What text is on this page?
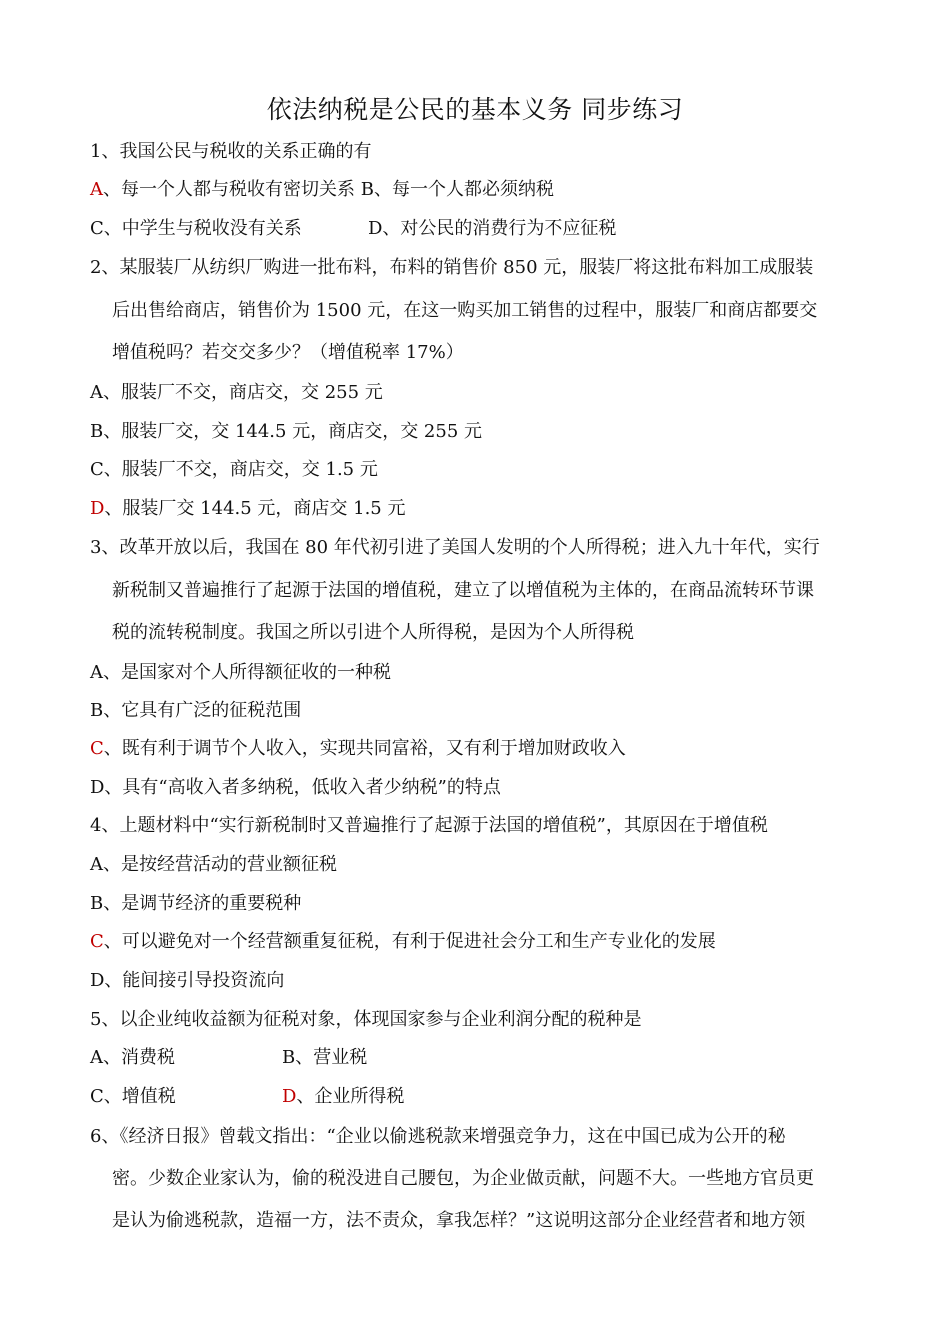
依法纳税是公民的基本义务 同步练习
1、我国公民与税收的关系正确的有
A、每一个人都与税收有密切关系 B、每一个人都必须纳税
C、中学生与税收没有关系	D、对公民的消费行为不应征税
2、某服装厂从纺织厂购进一批布料，布料的销售价 850 元，服装厂将这批布料加工成服装
后出售给商店，销售价为 1500 元，在这一购买加工销售的过程中，服装厂和商店都要交
增值税吗？若交交多少？（增值税率 17%）
A、服装厂不交，商店交，交 255 元
B、服装厂交，交 144.5 元，商店交，交 255 元
C、服装厂不交，商店交，交 1.5 元
D、服装厂交 144.5 元，商店交 1.5 元
3、改革开放以后，我国在 80 年代初引进了美国人发明的个人所得税；进入九十年代，实行
新税制又普遍推行了起源于法国的增值税，建立了以增值税为主体的，在商品流转环节课
税的流转税制度。我国之所以引进个人所得税，是因为个人所得税
A、是国家对个人所得额征收的一种税
B、它具有广泛的征税范围
C、既有利于调节个人收入，实现共同富裕，又有利于增加财政收入
D、具有“高收入者多纳税，低收入者少纳税”的特点
4、上题材料中“实行新税制时又普遍推行了起源于法国的增值税”，其原因在于增值税
A、是按经营活动的营业额征税
B、是调节经济的重要税种
C、可以避免对一个经营额重复征税，有利于促进社会分工和生产专业化的发展
D、能间接引导投资流向
5、以企业纯收益额为征税对象，体现国家参与企业利润分配的税种是
A、消费税	B、营业税
C、增值税	D、企业所得税
6、《经济日报》曾载文指出：“企业以偷逃税款来增强竞争力，这在中国已成为公开的秘
密。少数企业家认为，偷的税没进自己腰包，为企业做贡献，问题不大。一些地方官员更
是认为偷逃税款，造福一方，法不责众，拿我怎样？”这说明这部分企业经营者和地方领
